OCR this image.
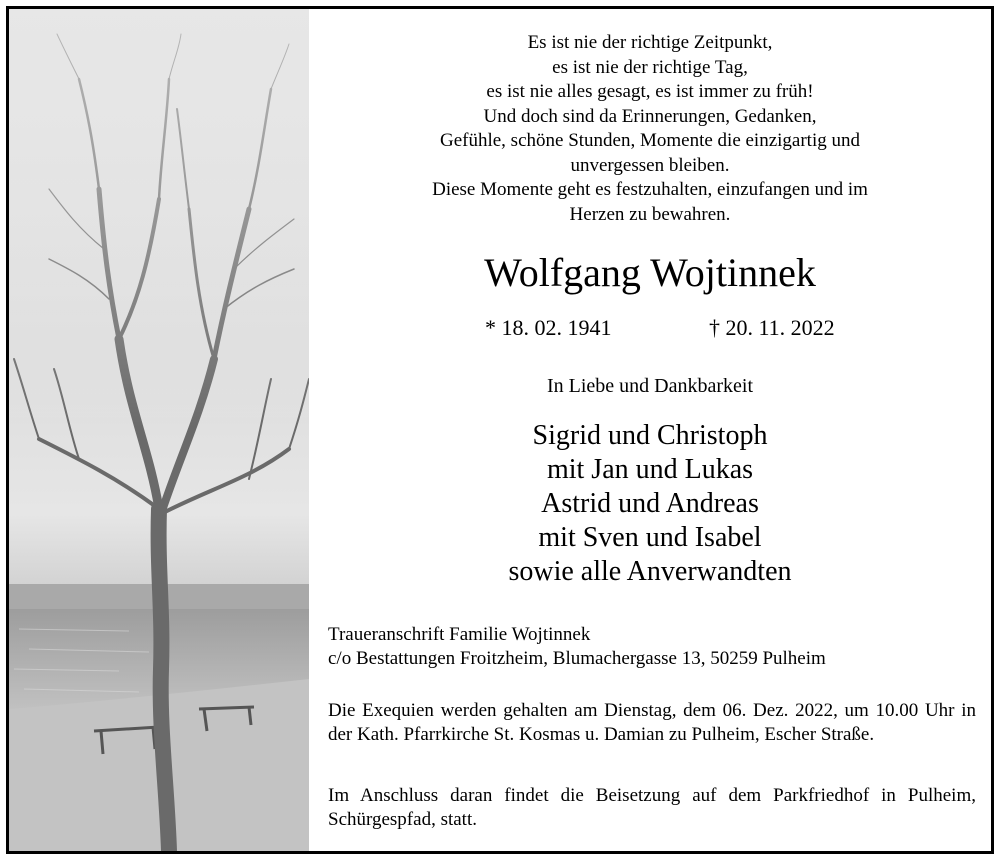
Es ist nie der richtige Zeitpunkt,
es ist nie der richtige Tag,
es ist nie alles gesagt, es ist immer zu früh!
Und doch sind da Erinnerungen, Gedanken,
Gefühle, schöne Stunden, Momente die einzigartig und
unvergessen bleiben.
Diese Momente geht es festzuhalten, einzufangen und im
Herzen zu bewahren.
Wolfgang Wojtinnek
* 18. 02. 1941	† 20. 11. 2022
In Liebe und Dankbarkeit
Sigrid und Christoph
mit Jan und Lukas
Astrid und Andreas
mit Sven und Isabel
sowie alle Anverwandten
Traueranschrift Familie Wojtinnek
c/o Bestattungen Froitzheim, Blumachergasse 13, 50259 Pulheim
Die Exequien werden gehalten am Dienstag, dem 06. Dez. 2022, um 10.00 Uhr in der Kath. Pfarrkirche St. Kosmas u. Damian zu Pulheim, Escher Straße.
Im Anschluss daran findet die Beisetzung auf dem Parkfriedhof in Pulheim, Schürgespfad, statt.
